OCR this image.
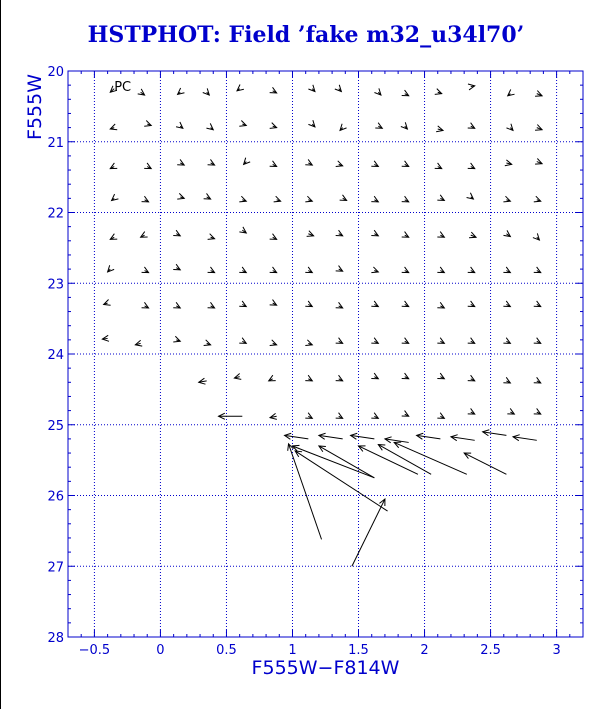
HSTPHOT: Field ’fake m32_u34l70’
−0.5	0	0.5	1	1.5	2	2.5	3
20
21
22
23
24
25
26
27
28
F555W−F814W
F555W	PC
